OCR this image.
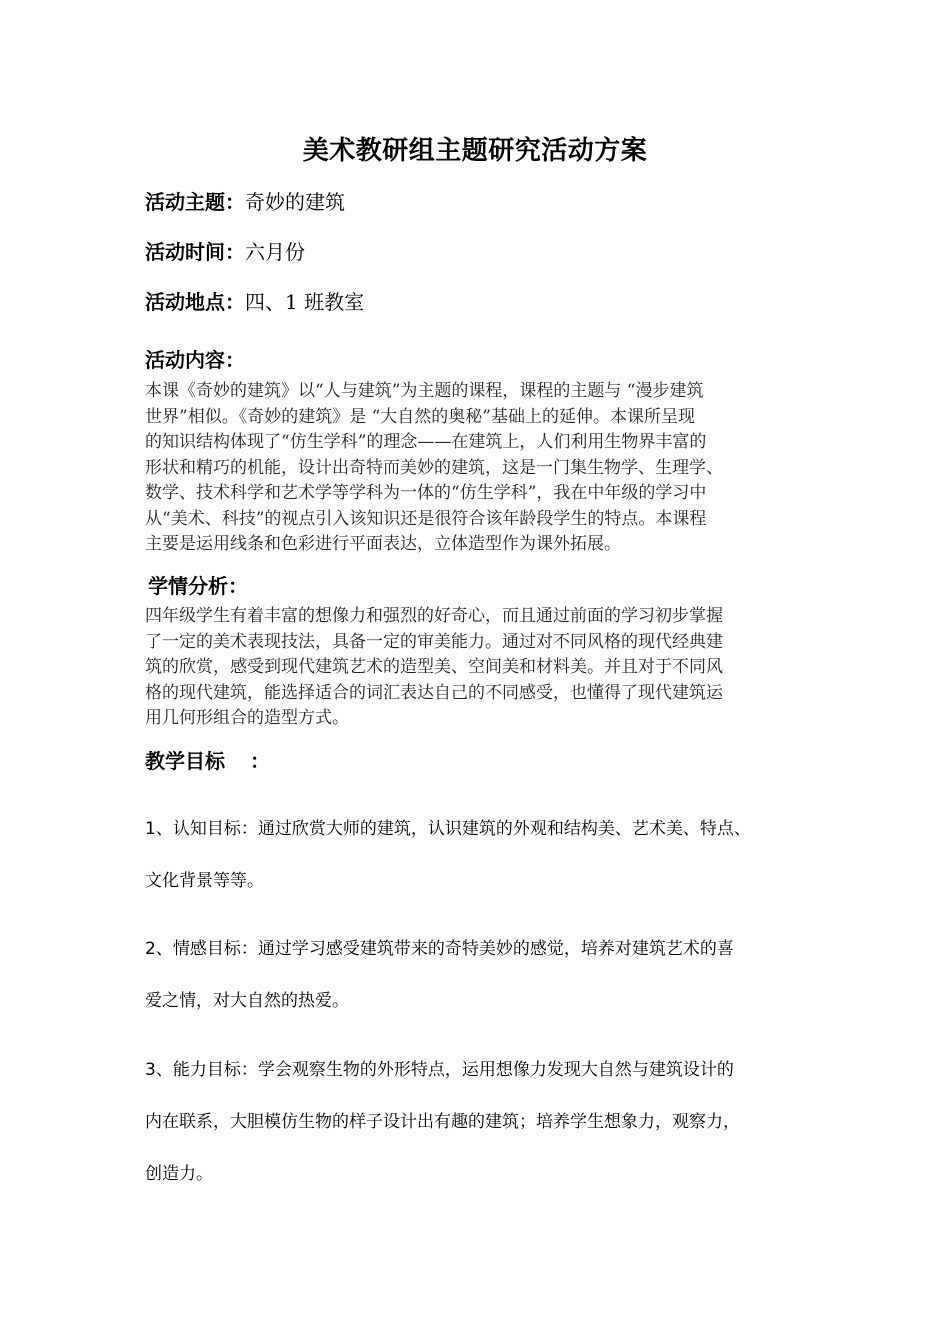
美术教研组主题研究活动方案
活动主题：奇妙的建筑
活动时间：六月份
活动地点：四、1 班教室
活动内容：
本课《奇妙的建筑》以“人与建筑”为主题的课程，课程的主题与 “漫步建筑
世界”相似。《奇妙的建筑》是 “大自然的奥秘”基础上的延伸。本课所呈现
的知识结构体现了“仿生学科”的理念——在建筑上，人们利用生物界丰富的
形状和精巧的机能，设计出奇特而美妙的建筑，这是一门集生物学、生理学、
数学、技术科学和艺术学等学科为一体的“仿生学科”，我在中年级的学习中
从“美术、科技”的视点引入该知识还是很符合该年龄段学生的特点。本课程
主要是运用线条和色彩进行平面表达，立体造型作为课外拓展。
学情分析：
四年级学生有着丰富的想像力和强烈的好奇心，而且通过前面的学习初步掌握
了一定的美术表现技法，具备一定的审美能力。通过对不同风格的现代经典建
筑的欣赏，感受到现代建筑艺术的造型美、空间美和材料美。并且对于不同风
格的现代建筑，能选择适合的词汇表达自己的不同感受，也懂得了现代建筑运
用几何形组合的造型方式。
教学目标 ：
1、认知目标：通过欣赏大师的建筑，认识建筑的外观和结构美、艺术美、特点、
文化背景等等。
2、情感目标：通过学习感受建筑带来的奇特美妙的感觉，培养对建筑艺术的喜
爱之情，对大自然的热爱。
3、能力目标：学会观察生物的外形特点，运用想像力发现大自然与建筑设计的
内在联系，大胆模仿生物的样子设计出有趣的建筑；培养学生想象力，观察力，
创造力。
